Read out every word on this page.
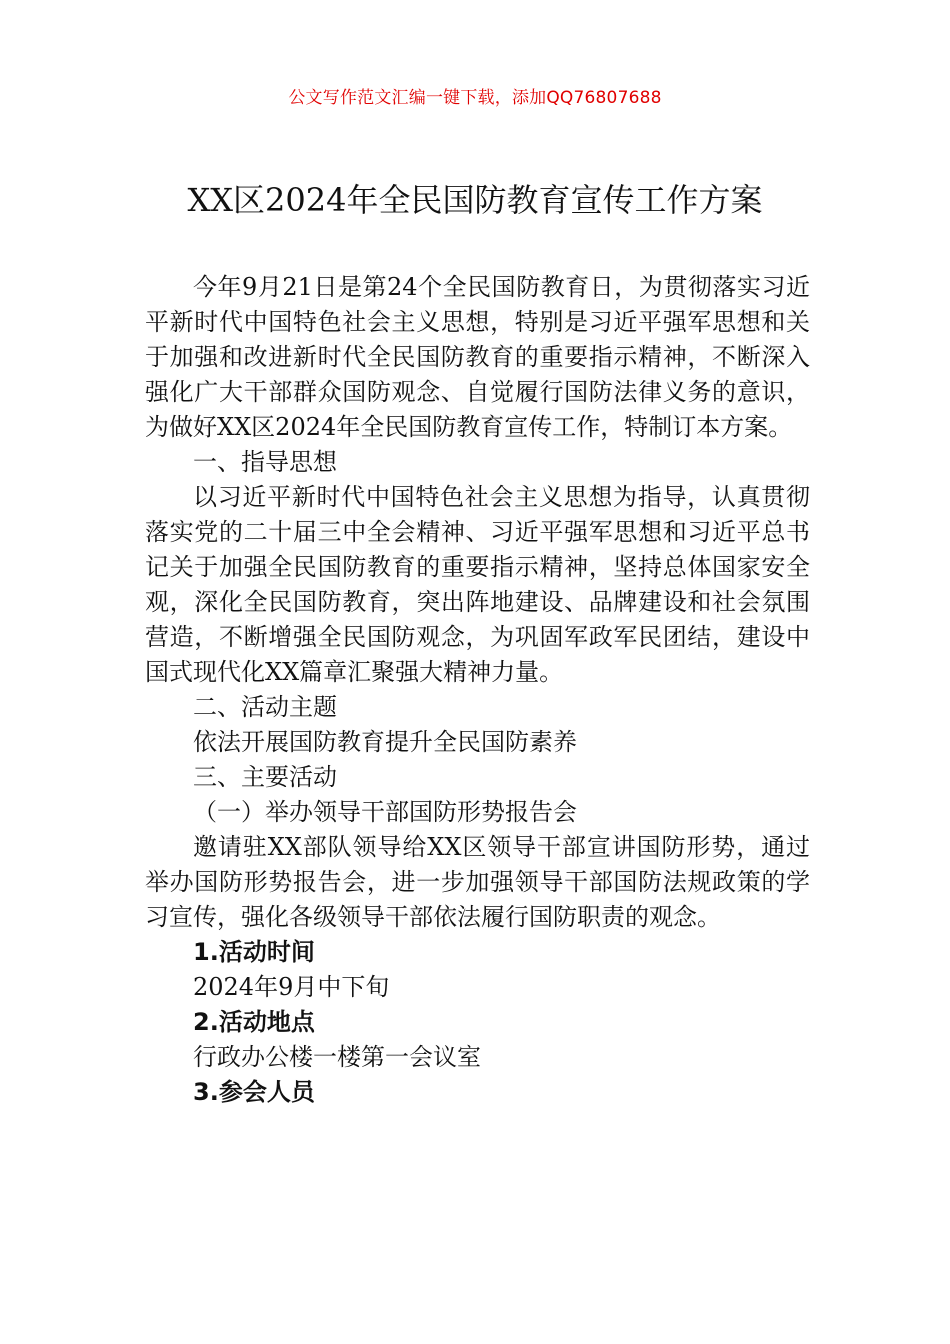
公文写作范文汇编一键下载，添加QQ76807688
XX区2024年全民国防教育宣传工作方案

今年9月21日是第24个全民国防教育日，为贯彻落实习近平新时代中国特色社会主义思想，特别是习近平强军思想和关于加强和改进新时代全民国防教育的重要指示精神，不断深入强化广大干部群众国防观念、自觉履行国防法律义务的意识，为做好XX区2024年全民国防教育宣传工作，特制订本方案。

一、指导思想

以习近平新时代中国特色社会主义思想为指导，认真贯彻落实党的二十届三中全会精神、习近平强军思想和习近平总书记关于加强全民国防教育的重要指示精神，坚持总体国家安全观，深化全民国防教育，突出阵地建设、品牌建设和社会氛围营造，不断增强全民国防观念，为巩固军政军民团结，建设中国式现代化XX篇章汇聚强大精神力量。

二、活动主题

依法开展国防教育提升全民国防素养

三、主要活动

（一）举办领导干部国防形势报告会

邀请驻XX部队领导给XX区领导干部宣讲国防形势，通过举办国防形势报告会，进一步加强领导干部国防法规政策的学习宣传，强化各级领导干部依法履行国防职责的观念。

1.活动时间

2024年9月中下旬

2.活动地点

行政办公楼一楼第一会议室

3.参会人员
